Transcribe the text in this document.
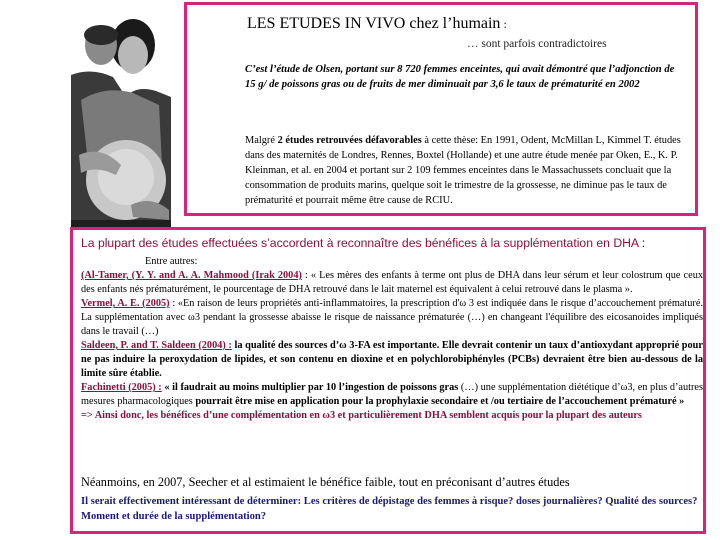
LES ETUDES IN VIVO chez l’humain :
… sont parfois contradictoires
C’est l’étude de Olsen, portant sur 8 720 femmes enceintes, qui avait démontré que l’adjonction de 15 g/ de poissons gras ou de fruits de mer diminuait par 3,6 le taux de prématurité en 2002
Malgré 2 études retrouvées défavorables à cette thèse: En 1991, Odent, McMillan L, Kimmel T. études dans des maternités de Londres, Rennes, Boxtel (Hollande) et une autre étude menée par Oken, E., K. P. Kleinman, et al. en 2004 et portant sur 2 109 femmes enceintes dans le Massachussets concluait que la consommation de produits marins, quelque soit le trimestre de la grossesse, ne diminue pas le taux de prématurité et pourrait même être cause de RCIU.
La plupart des études effectuées s’accordent à reconnaître des bénéfices à la supplémentation en DHA :
Entre autres:
(Al-Tamer, (Y. Y. and A. A. Mahmood (Irak 2004) : « Les mères des enfants à terme ont plus de DHA dans leur sérum et leur colostrum que ceux des enfants nés prématurément, le pourcentage de DHA retrouvé dans le lait maternel est équivalent à celui retrouvé dans le plasma ».
Vermel, A. E. (2005) : «En raison de leurs propriétés anti-inflammatoires, la prescription d'ω 3 est indiquée dans le risque d’accouchement prématuré. La supplémentation avec ω3 pendant la grossesse abaisse le risque de naissance prématurée (…) en changeant l'équilibre des eicosanoides impliqués dans le travail (…)
Saldeen, P. and T. Saldeen (2004) : la qualité des sources d’ω 3-FA est importante. Elle devrait contenir un taux d’antioxydant approprié pour ne pas induire la peroxydation de lipides, et son contenu en dioxine et en polychlorobiphényles (PCBs) devraient être bien au-dessous de la limite sûre établie.
Fachinetti (2005) : « il faudrait au moins multiplier par 10 l’ingestion de poissons gras (…) une supplémentation diététique d’ω3, en plus d’autres mesures pharmacologiques pourrait être mise en application pour la prophylaxie secondaire et /ou tertiaire de l’accouchement prématuré »
=> Ainsi donc, les bénéfices d’une complémentation en ω3 et particulièrement DHA semblent acquis pour la plupart des auteurs
Néanmoins, en 2007, Seecher et al estimaient le bénéfice faible, tout en préconisant d’autres études
Il serait effectivement intéressant de déterminer: Les critères de dépistage des femmes à risque? doses journalières? Qualité des sources? Moment et durée de la supplémentation?
